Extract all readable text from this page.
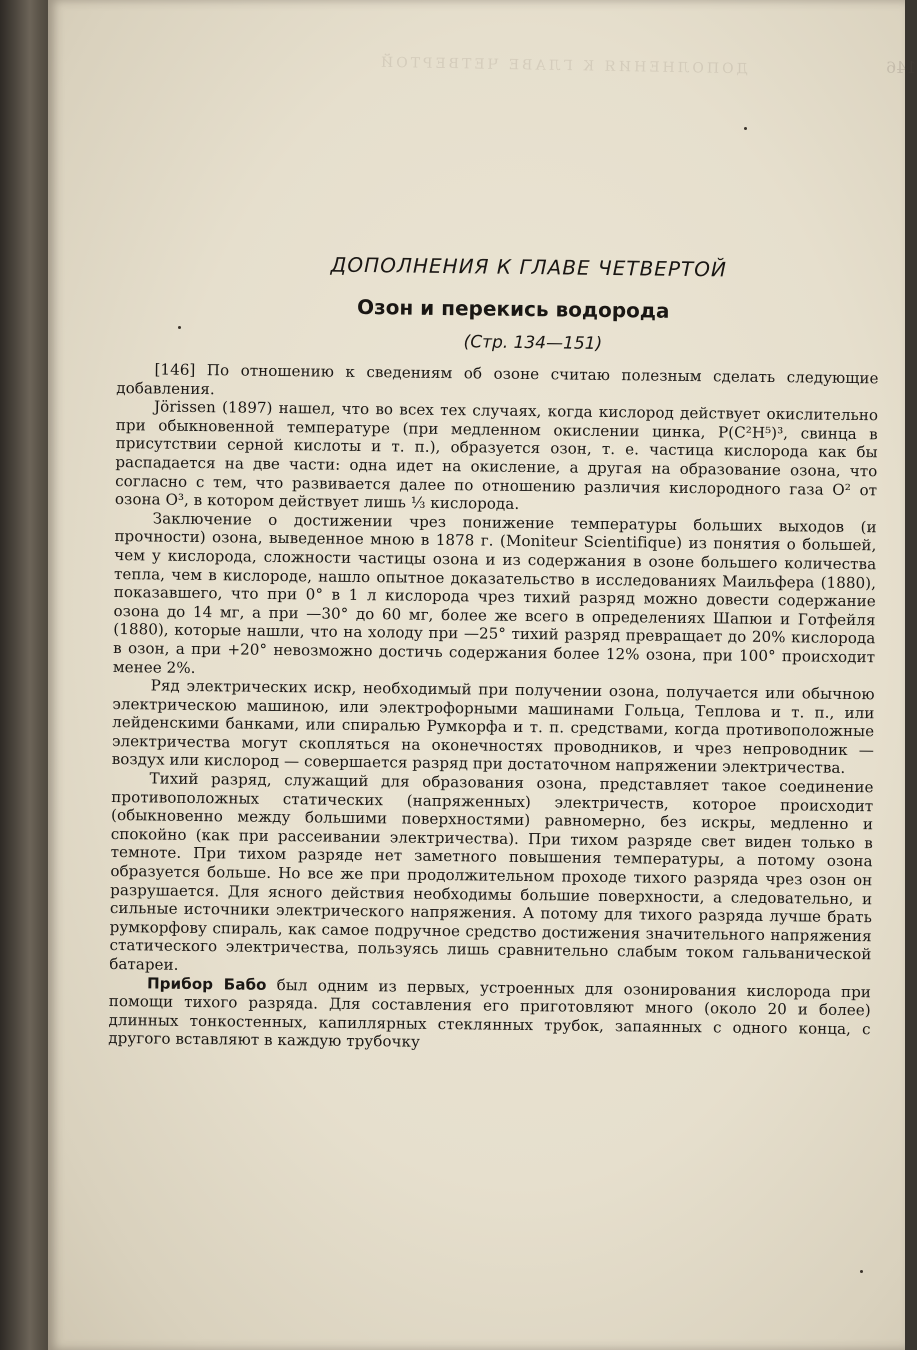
ДОПОЛНЕНИЯ К ГЛАВЕ ЧЕТВЕРТОЙ	146
ДОПОЛНЕНИЯ К ГЛАВЕ ЧЕТВЕРТОЙ
Озон и перекись водорода
(Стр. 134—151)

[146] По отношению к сведениям об озоне считаю полезным сделать следующие добавления.

Jörissen (1897) нашел, что во всех тех случаях, когда кислород действует окислительно при обыкновенной температуре (при медленном окислении цинка, P(C²H⁵)³, свинца в присутствии серной кислоты и т. п.), образуется озон, т. е. частица кислорода как бы распадается на две части: одна идет на окисление, а другая на образование озона, что согласно с тем, что развивается далее по отношению различия кислородного газа O² от озона O³, в котором действует лишь ⅓ кислорода.

Заключение о достижении чрез понижение температуры больших выходов (и прочности) озона, выведенное мною в 1878 г. (Moniteur Scientifique) из понятия о большей, чем у кислорода, сложности частицы озона и из содержания в озоне большего количества тепла, чем в кислороде, нашло опытное доказательство в исследованиях Маильфера (1880), показавшего, что при 0° в 1 л кислорода чрез тихий разряд можно довести содержание озона до 14 мг, а при —30° до 60 мг, более же всего в определениях Шапюи и Готфейля (1880), которые нашли, что на холоду при —25° тихий разряд превращает до 20% кислорода в озон, а при +20° невозможно достичь содержания более 12% озона, при 100° происходит менее 2%.

Ряд электрических искр, необходимый при получении озона, получается или обычною электрическою машиною, или электрофорными машинами Гольца, Теплова и т. п., или лейденскими банками, или спиралью Румкорфа и т. п. средствами, когда противоположные электричества могут скопляться на оконечностях проводников, и чрез непроводник — воздух или кислород — совершается разряд при достаточном напряжении электричества.

Тихий разряд, служащий для образования озона, представляет такое соединение противоположных статических (напряженных) электричеств, которое происходит (обыкновенно между большими поверхностями) равномерно, без искры, медленно и спокойно (как при рассеивании электричества). При тихом разряде свет виден только в темноте. При тихом разряде нет заметного повышения температуры, а потому озона образуется больше. Но все же при продолжительном проходе тихого разряда чрез озон он разрушается. Для ясного действия необходимы большие поверхности, а следовательно, и сильные источники электрического напряжения. А потому для тихого разряда лучше брать румкорфову спираль, как самое подручное средство достижения значительного напряжения статического электричества, пользуясь лишь сравнительно слабым током гальванической батареи.

Прибор Бабо был одним из первых, устроенных для озонирования кислорода при помощи тихого разряда. Для составления его приготовляют много (около 20 и более) длинных тонкостенных, капиллярных стеклянных трубок, запаянных с одного конца, с другого вставляют в каждую трубочку
